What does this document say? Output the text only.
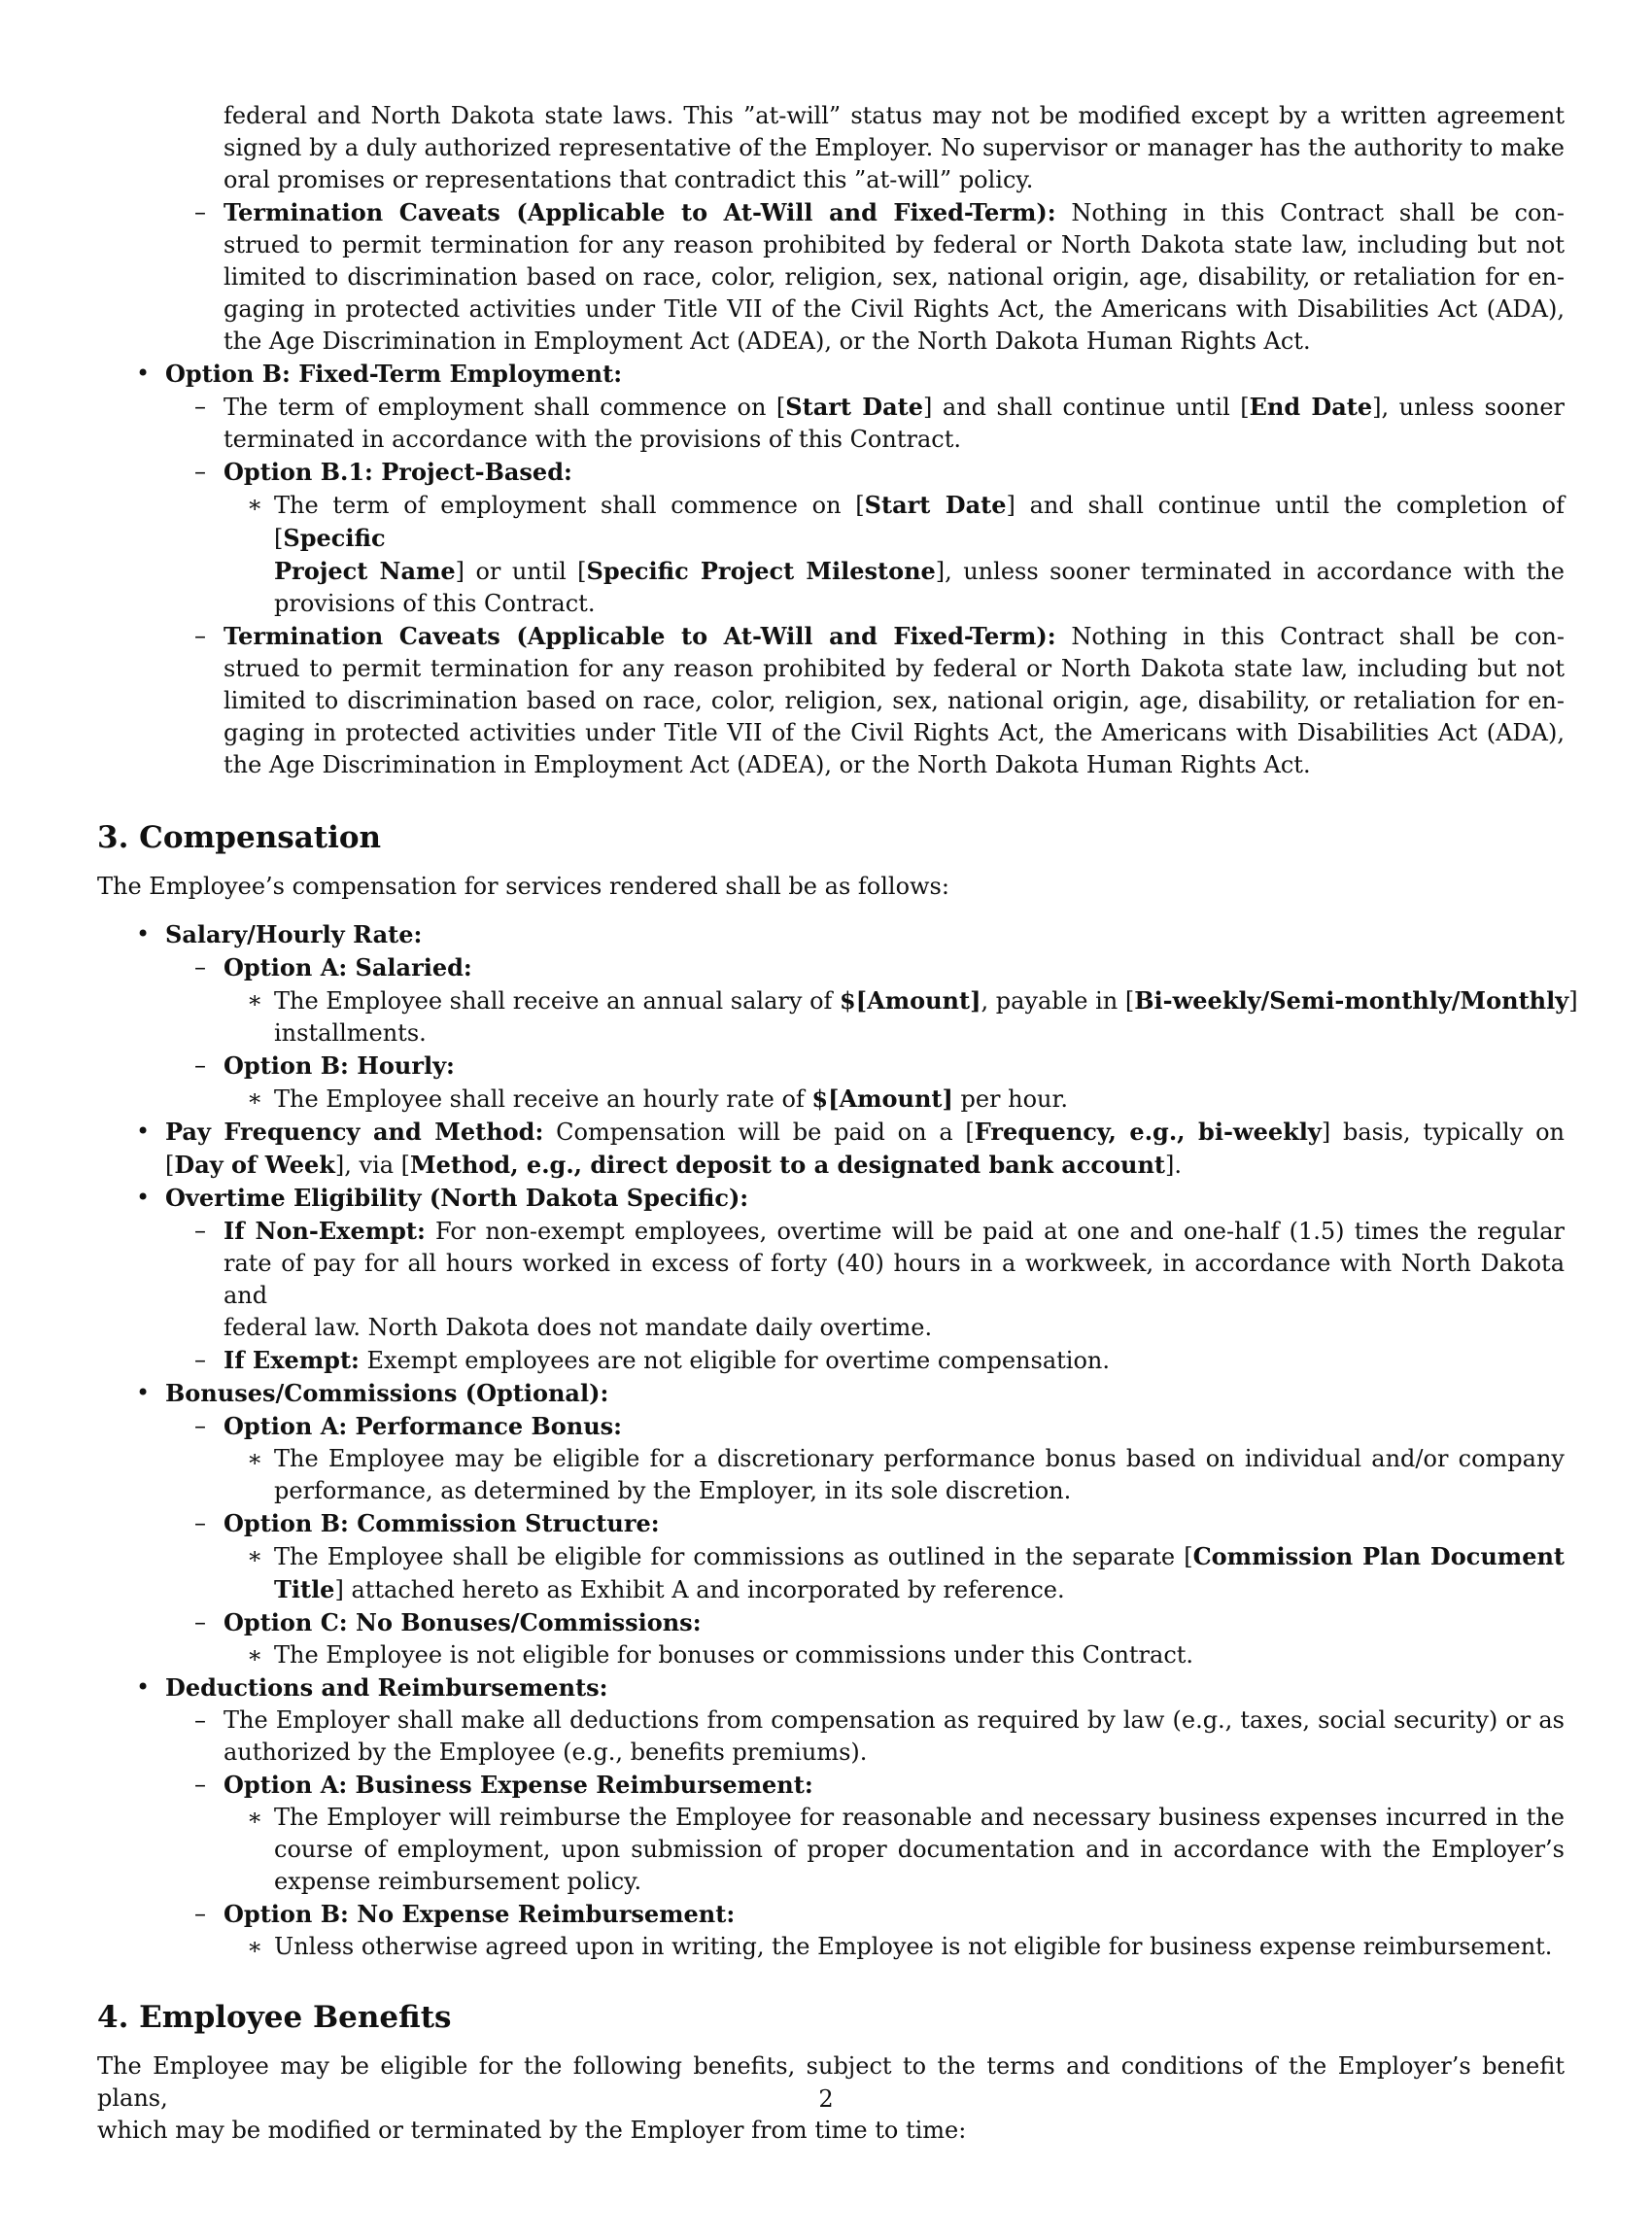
federal and North Dakota state laws. This ”at-will” status may not be modified except by a written agreement

signed by a duly authorized representative of the Employer. No supervisor or manager has the authority to make

oral promises or representations that contradict this ”at-will” policy.

– Termination Caveats (Applicable to At-Will and Fixed-Term): Nothing in this Contract shall be con-

strued to permit termination for any reason prohibited by federal or North Dakota state law, including but not

limited to discrimination based on race, color, religion, sex, national origin, age, disability, or retaliation for en-

gaging in protected activities under Title VII of the Civil Rights Act, the Americans with Disabilities Act (ADA),

the Age Discrimination in Employment Act (ADEA), or the North Dakota Human Rights Act.

• Option B: Fixed-Term Employment:

– The term of employment shall commence on [Start Date] and shall continue until [End Date], unless sooner

terminated in accordance with the provisions of this Contract.

– Option B.1: Project-Based:

∗ The term of employment shall commence on [Start Date] and shall continue until the completion of [Specific

Project Name] or until [Specific Project Milestone], unless sooner terminated in accordance with the

provisions of this Contract.

– Termination Caveats (Applicable to At-Will and Fixed-Term): Nothing in this Contract shall be con-

strued to permit termination for any reason prohibited by federal or North Dakota state law, including but not

limited to discrimination based on race, color, religion, sex, national origin, age, disability, or retaliation for en-

gaging in protected activities under Title VII of the Civil Rights Act, the Americans with Disabilities Act (ADA),

the Age Discrimination in Employment Act (ADEA), or the North Dakota Human Rights Act.

3. Compensation

The Employee’s compensation for services rendered shall be as follows:

• Salary/Hourly Rate:

– Option A: Salaried:

∗ The Employee shall receive an annual salary of $[Amount], payable in [Bi-weekly/Semi-monthly/Monthly]

installments.

– Option B: Hourly:

∗ The Employee shall receive an hourly rate of $[Amount] per hour.

• Pay Frequency and Method: Compensation will be paid on a [Frequency, e.g., bi-weekly] basis, typically on

[Day of Week], via [Method, e.g., direct deposit to a designated bank account].

• Overtime Eligibility (North Dakota Specific):

– If Non-Exempt: For non-exempt employees, overtime will be paid at one and one-half (1.5) times the regular

rate of pay for all hours worked in excess of forty (40) hours in a workweek, in accordance with North Dakota and

federal law. North Dakota does not mandate daily overtime.

– If Exempt: Exempt employees are not eligible for overtime compensation.

• Bonuses/Commissions (Optional):

– Option A: Performance Bonus:

∗ The Employee may be eligible for a discretionary performance bonus based on individual and/or company

performance, as determined by the Employer, in its sole discretion.

– Option B: Commission Structure:

∗ The Employee shall be eligible for commissions as outlined in the separate [Commission Plan Document

Title] attached hereto as Exhibit A and incorporated by reference.

– Option C: No Bonuses/Commissions:

∗ The Employee is not eligible for bonuses or commissions under this Contract.

• Deductions and Reimbursements:

– The Employer shall make all deductions from compensation as required by law (e.g., taxes, social security) or as

authorized by the Employee (e.g., benefits premiums).

– Option A: Business Expense Reimbursement:

∗ The Employer will reimburse the Employee for reasonable and necessary business expenses incurred in the

course of employment, upon submission of proper documentation and in accordance with the Employer’s

expense reimbursement policy.

– Option B: No Expense Reimbursement:

∗ Unless otherwise agreed upon in writing, the Employee is not eligible for business expense reimbursement.

4. Employee Benefits

The Employee may be eligible for the following benefits, subject to the terms and conditions of the Employer’s benefit plans,

which may be modified or terminated by the Employer from time to time:

2
